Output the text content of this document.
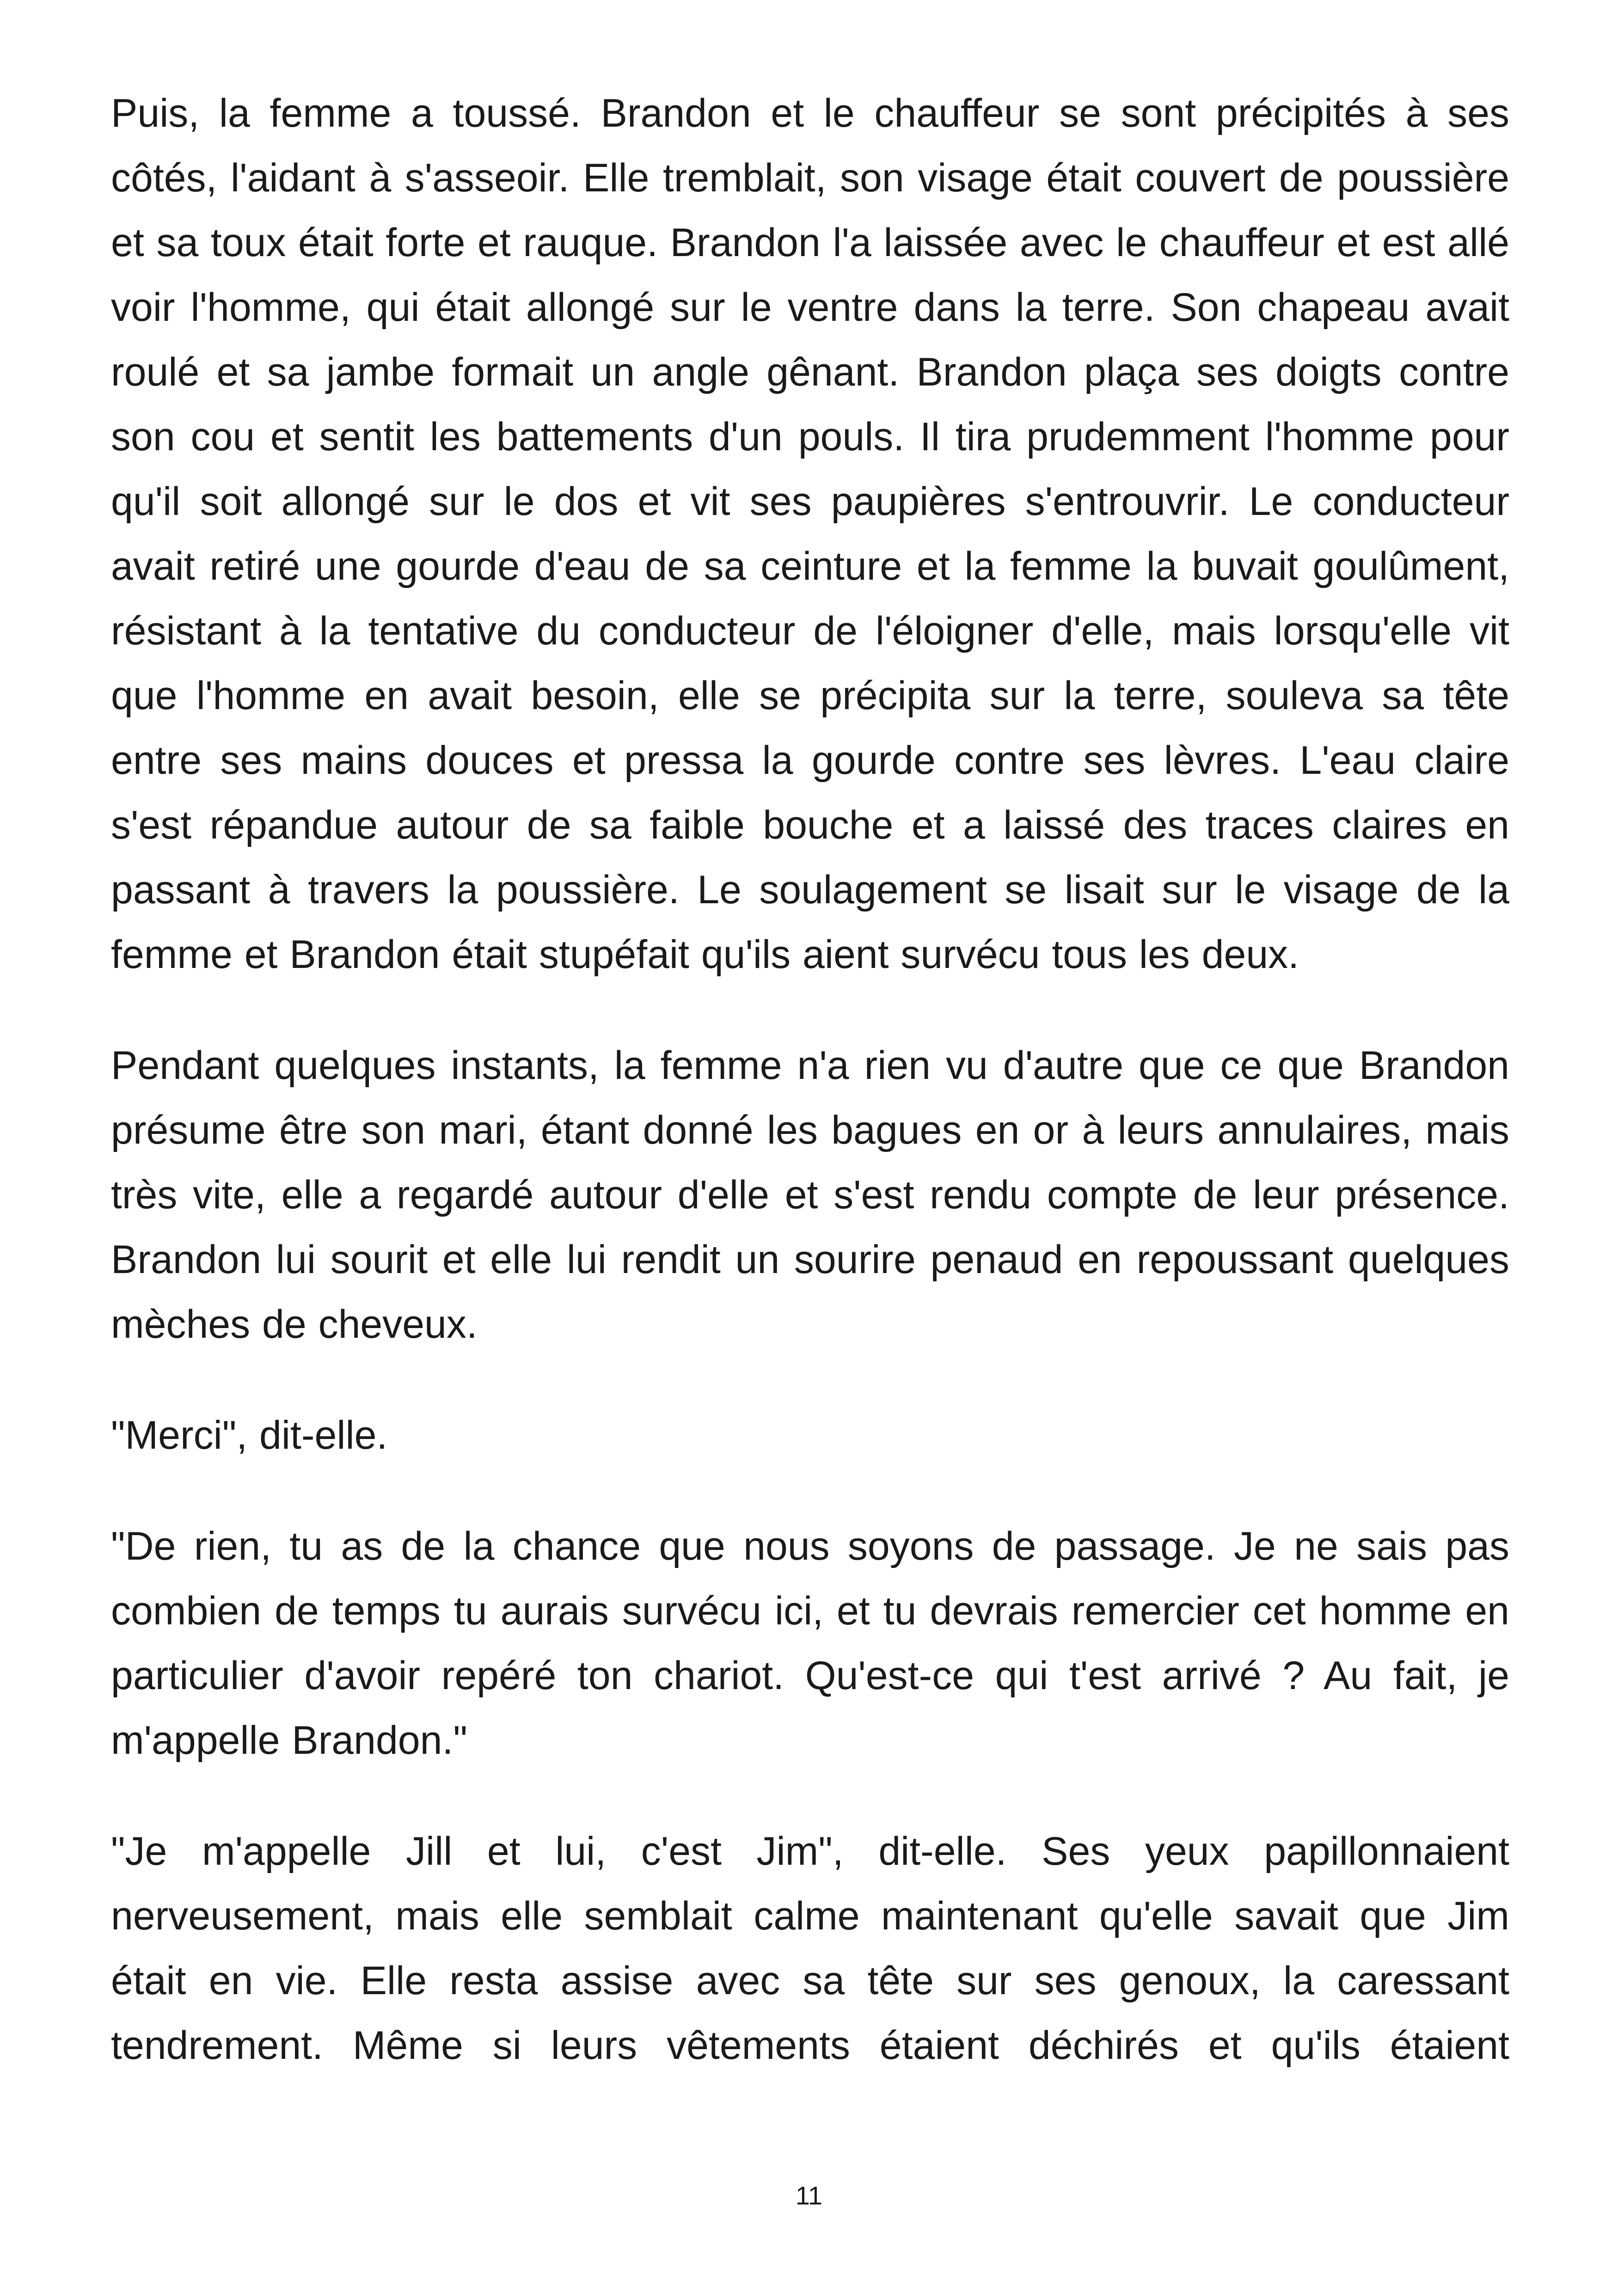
Puis, la femme a toussé. Brandon et le chauffeur se sont précipités à ses côtés, l'aidant à s'asseoir. Elle tremblait, son visage était couvert de poussière et sa toux était forte et rauque. Brandon l'a laissée avec le chauffeur et est allé voir l'homme, qui était allongé sur le ventre dans la terre. Son chapeau avait roulé et sa jambe formait un angle gênant. Brandon plaça ses doigts contre son cou et sentit les battements d'un pouls. Il tira prudemment l'homme pour qu'il soit allongé sur le dos et vit ses paupières s'entrouvrir. Le conducteur avait retiré une gourde d'eau de sa ceinture et la femme la buvait goulûment, résistant à la tentative du conducteur de l'éloigner d'elle, mais lorsqu'elle vit que l'homme en avait besoin, elle se précipita sur la terre, souleva sa tête entre ses mains douces et pressa la gourde contre ses lèvres. L'eau claire s'est répandue autour de sa faible bouche et a laissé des traces claires en passant à travers la poussière. Le soulagement se lisait sur le visage de la femme et Brandon était stupéfait qu'ils aient survécu tous les deux.

Pendant quelques instants, la femme n'a rien vu d'autre que ce que Brandon présume être son mari, étant donné les bagues en or à leurs annulaires, mais très vite, elle a regardé autour d'elle et s'est rendu compte de leur présence. Brandon lui sourit et elle lui rendit un sourire penaud en repoussant quelques mèches de cheveux.

"Merci", dit-elle.

"De rien, tu as de la chance que nous soyons de passage. Je ne sais pas combien de temps tu aurais survécu ici, et tu devrais remercier cet homme en particulier d'avoir repéré ton chariot. Qu'est-ce qui t'est arrivé ? Au fait, je m'appelle Brandon."

"Je m'appelle Jill et lui, c'est Jim", dit-elle. Ses yeux papillonnaient nerveusement, mais elle semblait calme maintenant qu'elle savait que Jim était en vie. Elle resta assise avec sa tête sur ses genoux, la caressant tendrement. Même si leurs vêtements étaient déchirés et qu'ils étaient

11
